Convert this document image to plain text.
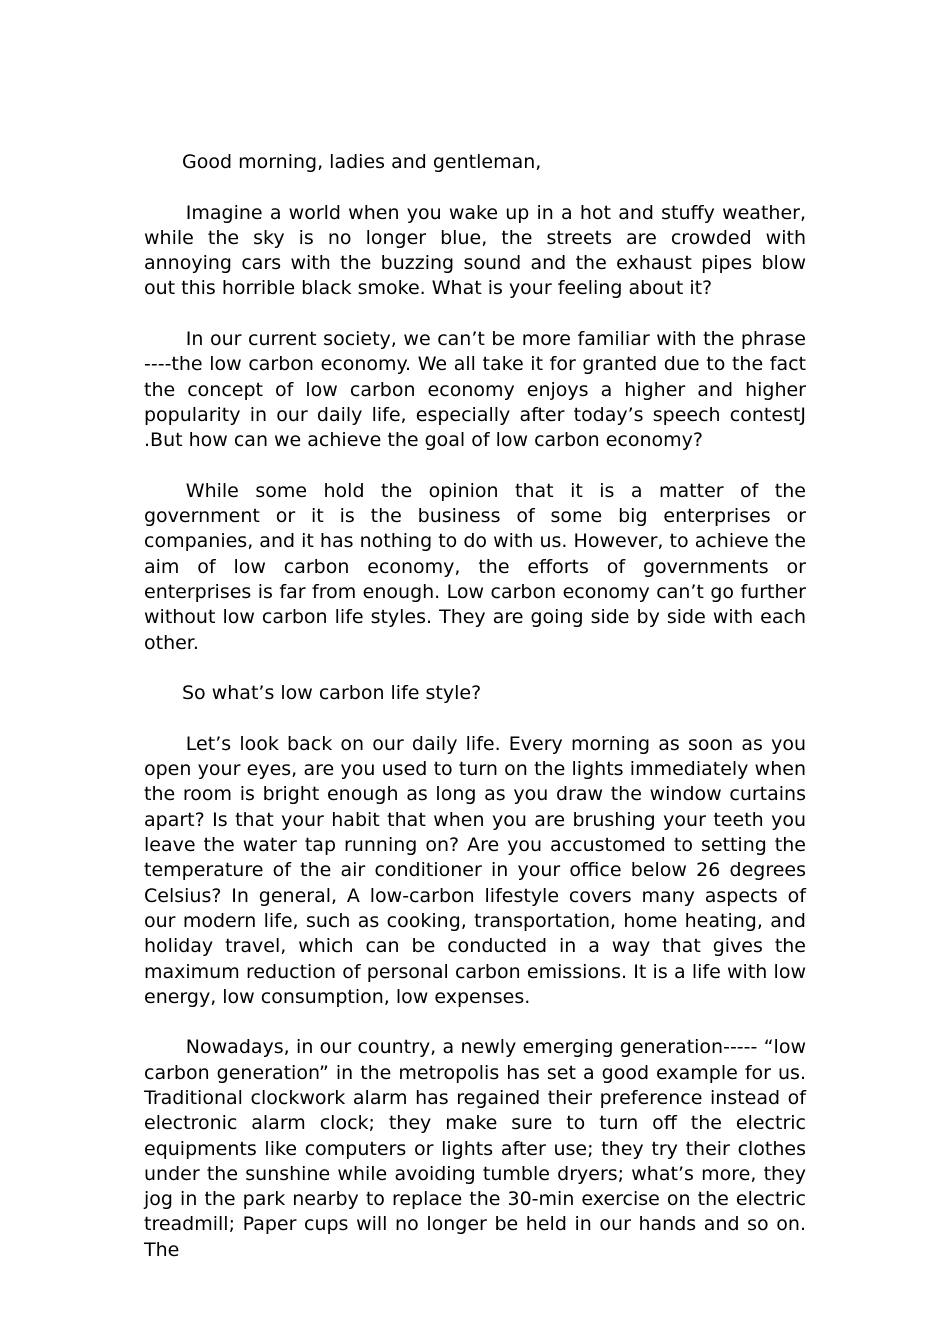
Good morning, ladies and gentleman,

Imagine a world when you wake up in a hot and stuffy weather, while the sky is no longer blue, the streets are crowded with annoying cars with the buzzing sound and the exhaust pipes blow out this horrible black smoke. What is your feeling about it?

In our current society, we can’t be more familiar with the phrase ----the low carbon economy. We all take it for granted due to the fact the concept of low carbon economy enjoys a higher and higher popularity in our daily life, especially after today’s speech contestJ .But how can we achieve the goal of low carbon economy?

While some hold the opinion that it is a matter of the government or it is the business of some big enterprises or companies, and it has nothing to do with us. However, to achieve the aim of low carbon economy, the efforts of governments or enterprises is far from enough. Low carbon economy can’t go further without low carbon life styles. They are going side by side with each other.

So what’s low carbon life style?

Let’s look back on our daily life. Every morning as soon as you open your eyes, are you used to turn on the lights immediately when the room is bright enough as long as you draw the window curtains apart? Is that your habit that when you are brushing your teeth you leave the water tap running on? Are you accustomed to setting the temperature of the air conditioner in your office below 26 degrees Celsius? In general, A low-carbon lifestyle covers many aspects of our modern life, such as cooking, transportation, home heating, and holiday travel, which can be conducted in a way that gives the maximum reduction of personal carbon emissions. It is a life with low energy, low consumption, low expenses.

Nowadays, in our country, a newly emerging generation----- “low carbon generation” in the metropolis has set a good example for us. Traditional clockwork alarm has regained their preference instead of electronic alarm clock; they make sure to turn off the electric equipments like computers or lights after use; they try their clothes under the sunshine while avoiding tumble dryers; what’s more, they jog in the park nearby to replace the 30-min exercise on the electric treadmill; Paper cups will no longer be held in our hands and so on. The
